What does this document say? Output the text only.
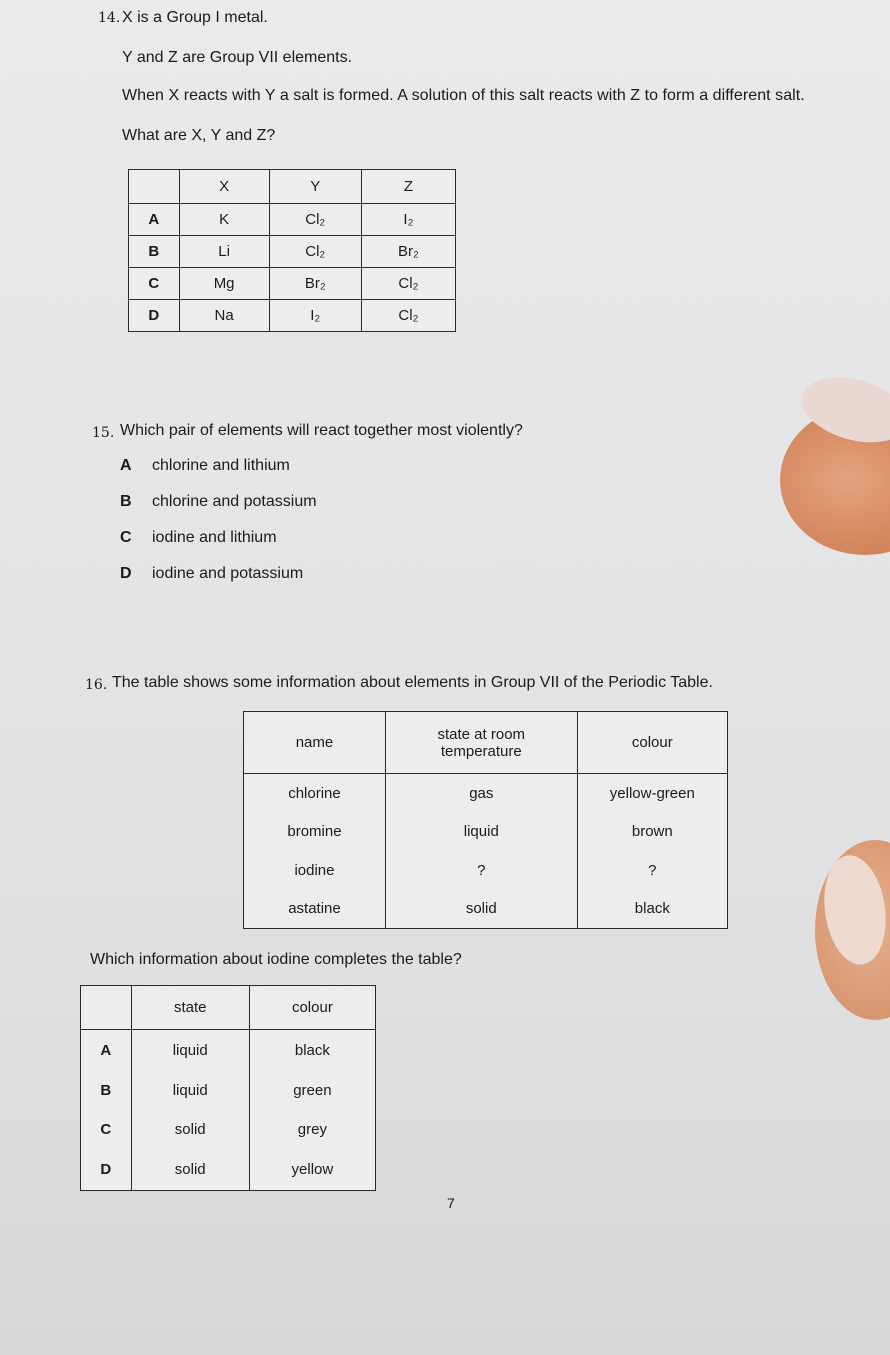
14. X is a Group I metal.
Y and Z are Group VII elements.
When X reacts with Y a salt is formed. A solution of this salt reacts with Z to form a different salt.
What are X, Y and Z?
	X	Y	Z
A	K	Cl₂	I₂
B	Li	Cl₂	Br₂
C	Mg	Br₂	Cl₂
D	Na	I₂	Cl₂
15. Which pair of elements will react together most violently?
A chlorine and lithium
B chlorine and potassium
C iodine and lithium
D iodine and potassium
16. The table shows some information about elements in Group VII of the Periodic Table.
name	state at room temperature	colour
chlorine	gas	yellow-green
bromine	liquid	brown
iodine	?	?
astatine	solid	black
Which information about iodine completes the table?
	state	colour
A	liquid	black
B	liquid	green
C	solid	grey
D	solid	yellow
7
